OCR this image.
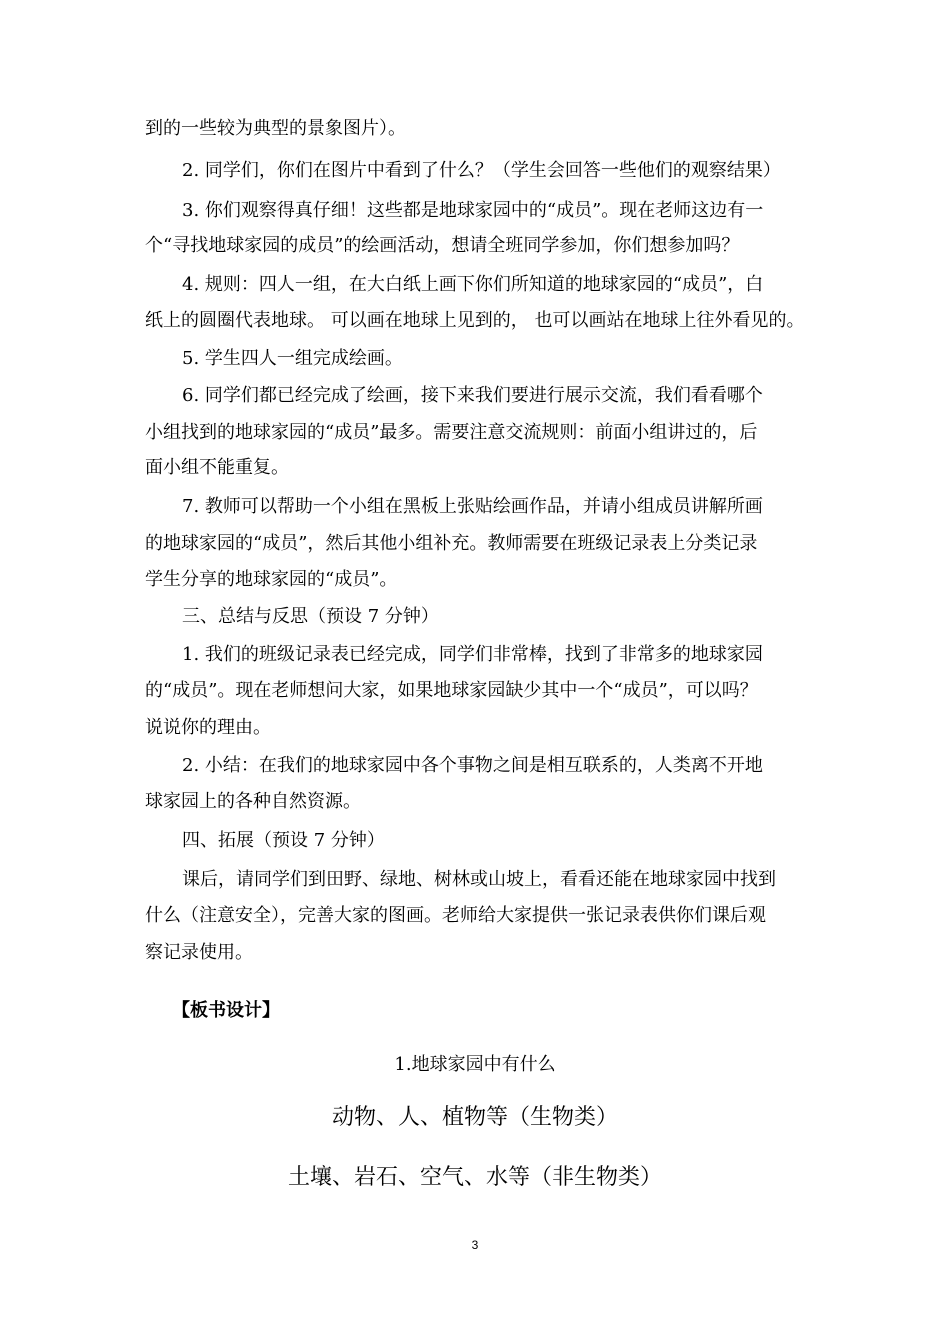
到的一些较为典型的景象图片）。
2. 同学们，你们在图片中看到了什么？（学生会回答一些他们的观察结果）
3. 你们观察得真仔细！这些都是地球家园中的“成员”。现在老师这边有一
个“寻找地球家园的成员”的绘画活动，想请全班同学参加，你们想参加吗？
4. 规则：四人一组，在大白纸上画下你们所知道的地球家园的“成员”，白
纸上的圆圈代表地球。 可以画在地球上见到的， 也可以画站在地球上往外看见的。
5. 学生四人一组完成绘画。
6. 同学们都已经完成了绘画，接下来我们要进行展示交流，我们看看哪个
小组找到的地球家园的“成员”最多。需要注意交流规则：前面小组讲过的，后
面小组不能重复。
7. 教师可以帮助一个小组在黑板上张贴绘画作品，并请小组成员讲解所画
的地球家园的“成员”，然后其他小组补充。教师需要在班级记录表上分类记录
学生分享的地球家园的“成员”。
三、总结与反思（预设 7 分钟）
1. 我们的班级记录表已经完成，同学们非常棒，找到了非常多的地球家园
的“成员”。现在老师想问大家，如果地球家园缺少其中一个“成员”，可以吗？
说说你的理由。
2. 小结：在我们的地球家园中各个事物之间是相互联系的，人类离不开地
球家园上的各种自然资源。
四、拓展（预设 7 分钟）
课后，请同学们到田野、绿地、树林或山坡上，看看还能在地球家园中找到
什么（注意安全），完善大家的图画。老师给大家提供一张记录表供你们课后观
察记录使用。
【板书设计】
1.地球家园中有什么
动物、人、植物等（生物类）
土壤、岩石、空气、水等（非生物类）
3
